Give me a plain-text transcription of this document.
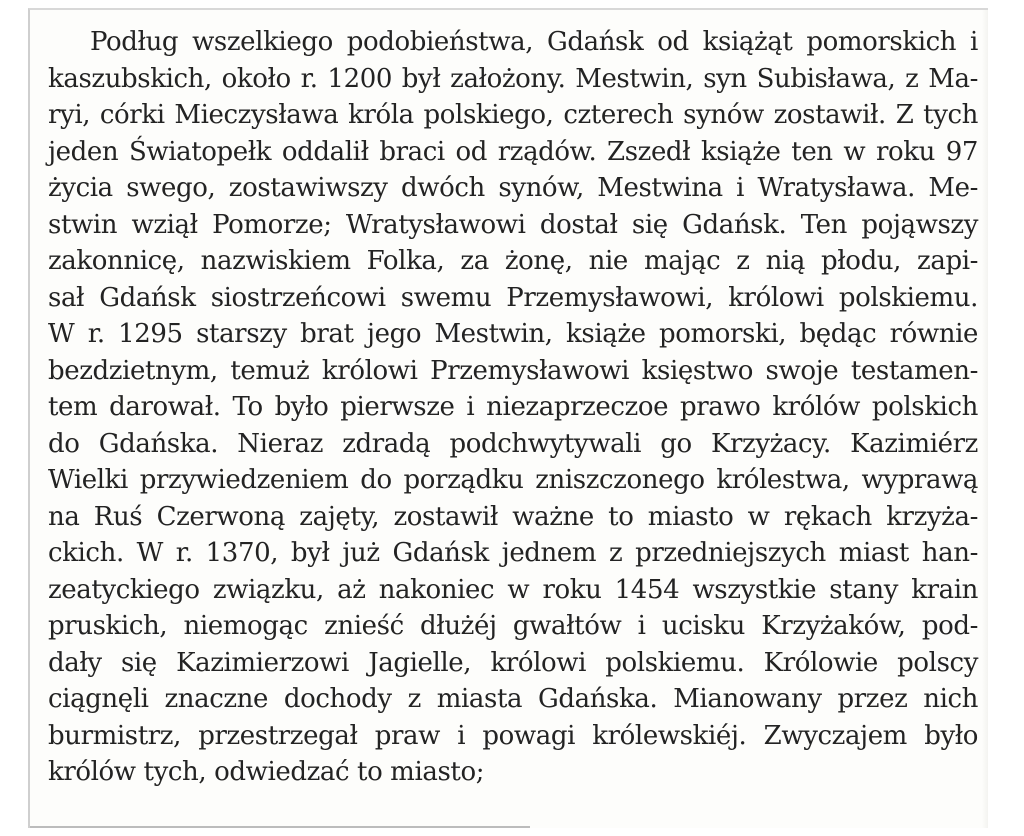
Podług wszelkiego podobieństwa, Gdańsk od książąt pomorskich i
kaszubskich, około r. 1200 był założony. Mestwin, syn Subisława, z Ma-
ryi, córki Mieczysława króla polskiego, czterech synów zostawił. Z tych
jeden Światopełk oddalił braci od rządów. Zszedł książe ten w roku 97
życia swego, zostawiwszy dwóch synów, Mestwina i Wratysława. Me-
stwin wziął Pomorze; Wratysławowi dostał się Gdańsk. Ten pojąwszy
zakonnicę, nazwiskiem Folka, za żonę, nie mając z nią płodu, zapi-
sał Gdańsk siostrzeńcowi swemu Przemysławowi, królowi polskiemu.
W r. 1295 starszy brat jego Mestwin, książe pomorski, będąc równie
bezdzietnym, temuż królowi Przemysławowi księstwo swoje testamen-
tem darował. To było pierwsze i niezaprzeczoe prawo królów polskich
do Gdańska. Nieraz zdradą podchwytywali go Krzyżacy. Kazimiérz
Wielki przywiedzeniem do porządku zniszczonego królestwa, wyprawą
na Ruś Czerwoną zajęty, zostawił ważne to miasto w rękach krzyża-
ckich. W r. 1370, był już Gdańsk jednem z przedniejszych miast han-
zeatyckiego związku, aż nakoniec w roku 1454 wszystkie stany krain
pruskich, niemogąc znieść dłużéj gwałtów i ucisku Krzyżaków, pod-
dały się Kazimierzowi Jagielle, królowi polskiemu. Królowie polscy
ciągnęli znaczne dochody z miasta Gdańska. Mianowany przez nich
burmistrz, przestrzegał praw i powagi królewskiéj. Zwyczajem było
królów tych, odwiedzać to miasto;
